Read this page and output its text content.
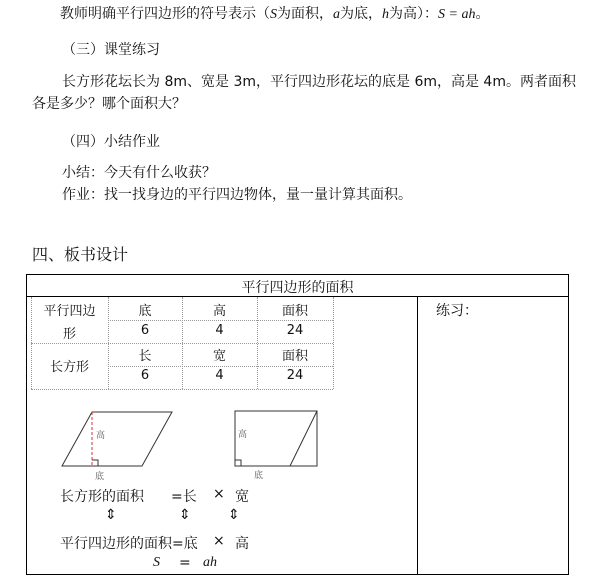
教师明确平行四边形的符号表示（S为面积，a为底，h为高）：S = ah。
（三）课堂练习
长方形花坛长为 8m、宽是 3m，平行四边形花坛的底是 6m，高是 4m。两者面积
各是多少？哪个面积大？
（四）小结作业
小结：今天有什么收获？
作业：找一找身边的平行四边物体，量一量计算其面积。
四、板书设计
平行四边形的面积
练习：
平行四边
形
底	高	面积
6	4	24
长方形
长	宽	面积
6	4	24
高
底
高
底
长方形的面积 =长 × 宽
⇕	⇕	⇕
平行四边形的面积 =底 × 高
S = ah
